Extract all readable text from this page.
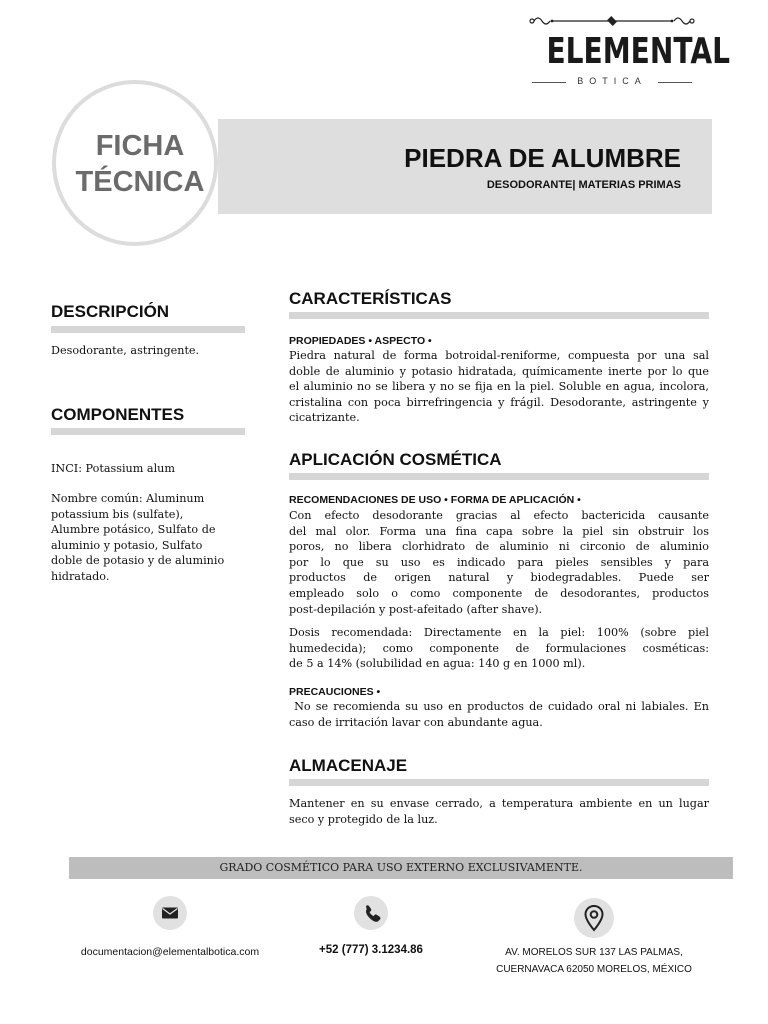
ELEMENTAL
BOTICA
FICHA
TÉCNICA
PIEDRA DE ALUMBRE
DESODORANTE| MATERIAS PRIMAS
DESCRIPCIÓN
Desodorante, astringente.
COMPONENTES
INCI: Potassium alum
Nombre común: Aluminum
potassium bis (sulfate),
Alumbre potásico, Sulfato de
aluminio y potasio, Sulfato
doble de potasio y de aluminio
hidratado.
CARACTERÍSTICAS
PROPIEDADES • ASPECTO •
Piedra natural de forma botroidal-reniforme, compuesta por una sal
doble de aluminio y potasio hidratada, químicamente inerte por lo que
el aluminio no se libera y no se fija en la piel. Soluble en agua, incolora,
cristalina con poca birrefringencia y frágil. Desodorante, astringente y
cicatrizante.
APLICACIÓN COSMÉTICA
RECOMENDACIONES DE USO • FORMA DE APLICACIÓN •
Con efecto desodorante gracias al efecto bactericida causante
del mal olor. Forma una fina capa sobre la piel sin obstruir los
poros, no libera clorhidrato de aluminio ni circonio de aluminio
por lo que su uso es indicado para pieles sensibles y para
productos de origen natural y biodegradables. Puede ser
empleado solo o como componente de desodorantes, productos
post-depilación y post-afeitado (after shave).
Dosis recomendada: Directamente en la piel: 100% (sobre piel
humedecida); como componente de formulaciones cosméticas:
de 5 a 14% (solubilidad en agua: 140 g en 1000 ml).
PRECAUCIONES •
No se recomienda su uso en productos de cuidado oral ni labiales. En
caso de irritación lavar con abundante agua.
ALMACENAJE
Mantener en su envase cerrado, a temperatura ambiente en un lugar
seco y protegido de la luz.
GRADO COSMÉTICO PARA USO EXTERNO EXCLUSIVAMENTE.
documentacion@elementalbotica.com	+52 (777) 3.1234.86	AV. MORELOS SUR 137 LAS PALMAS,
CUERNAVACA 62050 MORELOS, MÉXICO
